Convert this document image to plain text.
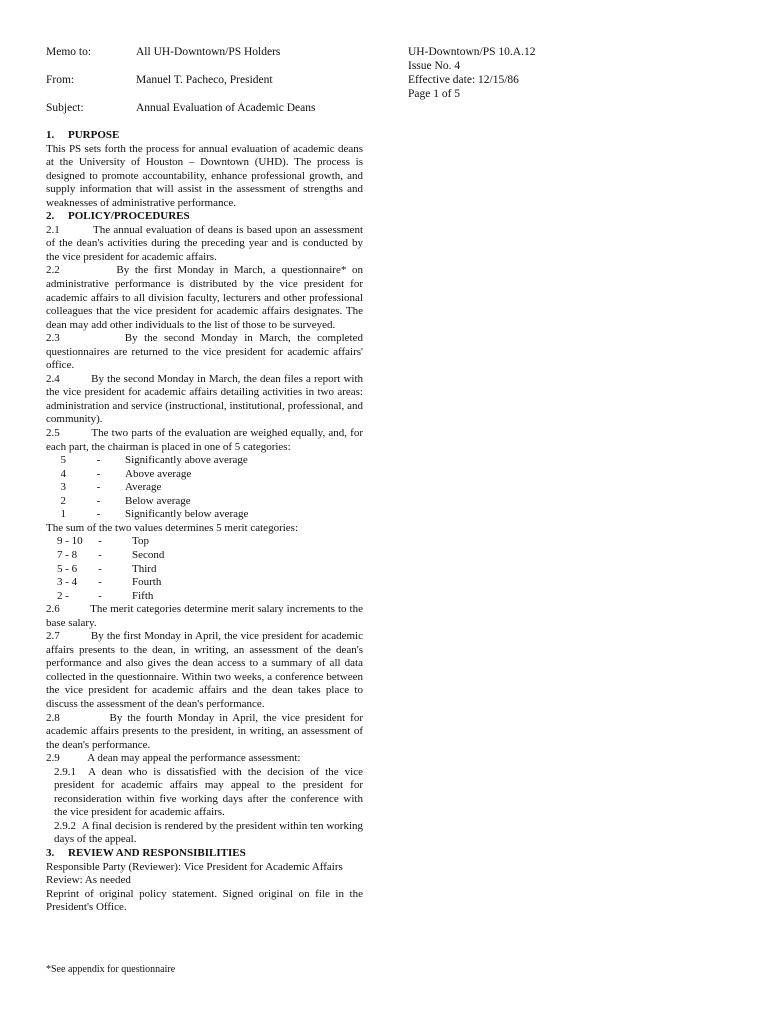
Memo to:	All UH-Downtown/PS Holders
From:	Manuel T. Pacheco, President
Subject:	Annual Evaluation of Academic Deans
UH-Downtown/PS 10.A.12
Issue No. 4
Effective date: 12/15/86
Page 1 of 5
1.	PURPOSE

This PS sets forth the process for annual evaluation of academic deans at the University of Houston – Downtown (UHD). The process is designed to promote accountability, enhance professional growth, and supply information that will assist in the assessment of strengths and weaknesses of administrative performance.

2.	POLICY/PROCEDURES

2.1          The annual evaluation of deans is based upon an assessment of the dean's activities during the preceding year and is conducted by the vice president for academic affairs.

2.2          By the first Monday in March, a questionnaire* on administrative performance is distributed by the vice president for academic affairs to all division faculty, lecturers and other professional colleagues that the vice president for academic affairs designates. The dean may add other individuals to the list of those to be surveyed.

2.3          By the second Monday in March, the completed questionnaires are returned to the vice president for academic affairs' office.

2.4          By the second Monday in March, the dean files a report with the vice president for academic affairs detailing activities in two areas: administration and service (instructional, institutional, professional, and community).

2.5          The two parts of the evaluation are weighed equally, and, for each part, the chairman is placed in one of 5 categories:

5	-	Significantly above average
4	-	Above average
3	-	Average
2	-	Below average
1	-	Significantly below average

The sum of the two values determines 5 merit categories:

9 - 10	-	Top
7 - 8	-	Second
5 - 6	-	Third
3 - 4	-	Fourth
2 -	-	Fifth

2.6          The merit categories determine merit salary increments to the base salary.

2.7          By the first Monday in April, the vice president for academic affairs presents to the dean, in writing, an assessment of the dean's performance and also gives the dean access to a summary of all data collected in the questionnaire. Within two weeks, a conference between the vice president for academic affairs and the dean takes place to discuss the assessment of the dean's performance.

2.8          By the fourth Monday in April, the vice president for academic affairs presents to the president, in writing, an assessment of the dean's performance.

2.9          A dean may appeal the performance assessment:

2.9.1  A dean who is dissatisfied with the decision of the vice president for academic affairs may appeal to the president for reconsideration within five working days after the conference with the vice president for academic affairs.

2.9.2  A final decision is rendered by the president within ten working days of the appeal.

3.	REVIEW AND RESPONSIBILITIES

Responsible Party (Reviewer): Vice President for Academic Affairs

Review: As needed

Reprint of original policy statement. Signed original on file in the President's Office.

*See appendix for questionnaire
